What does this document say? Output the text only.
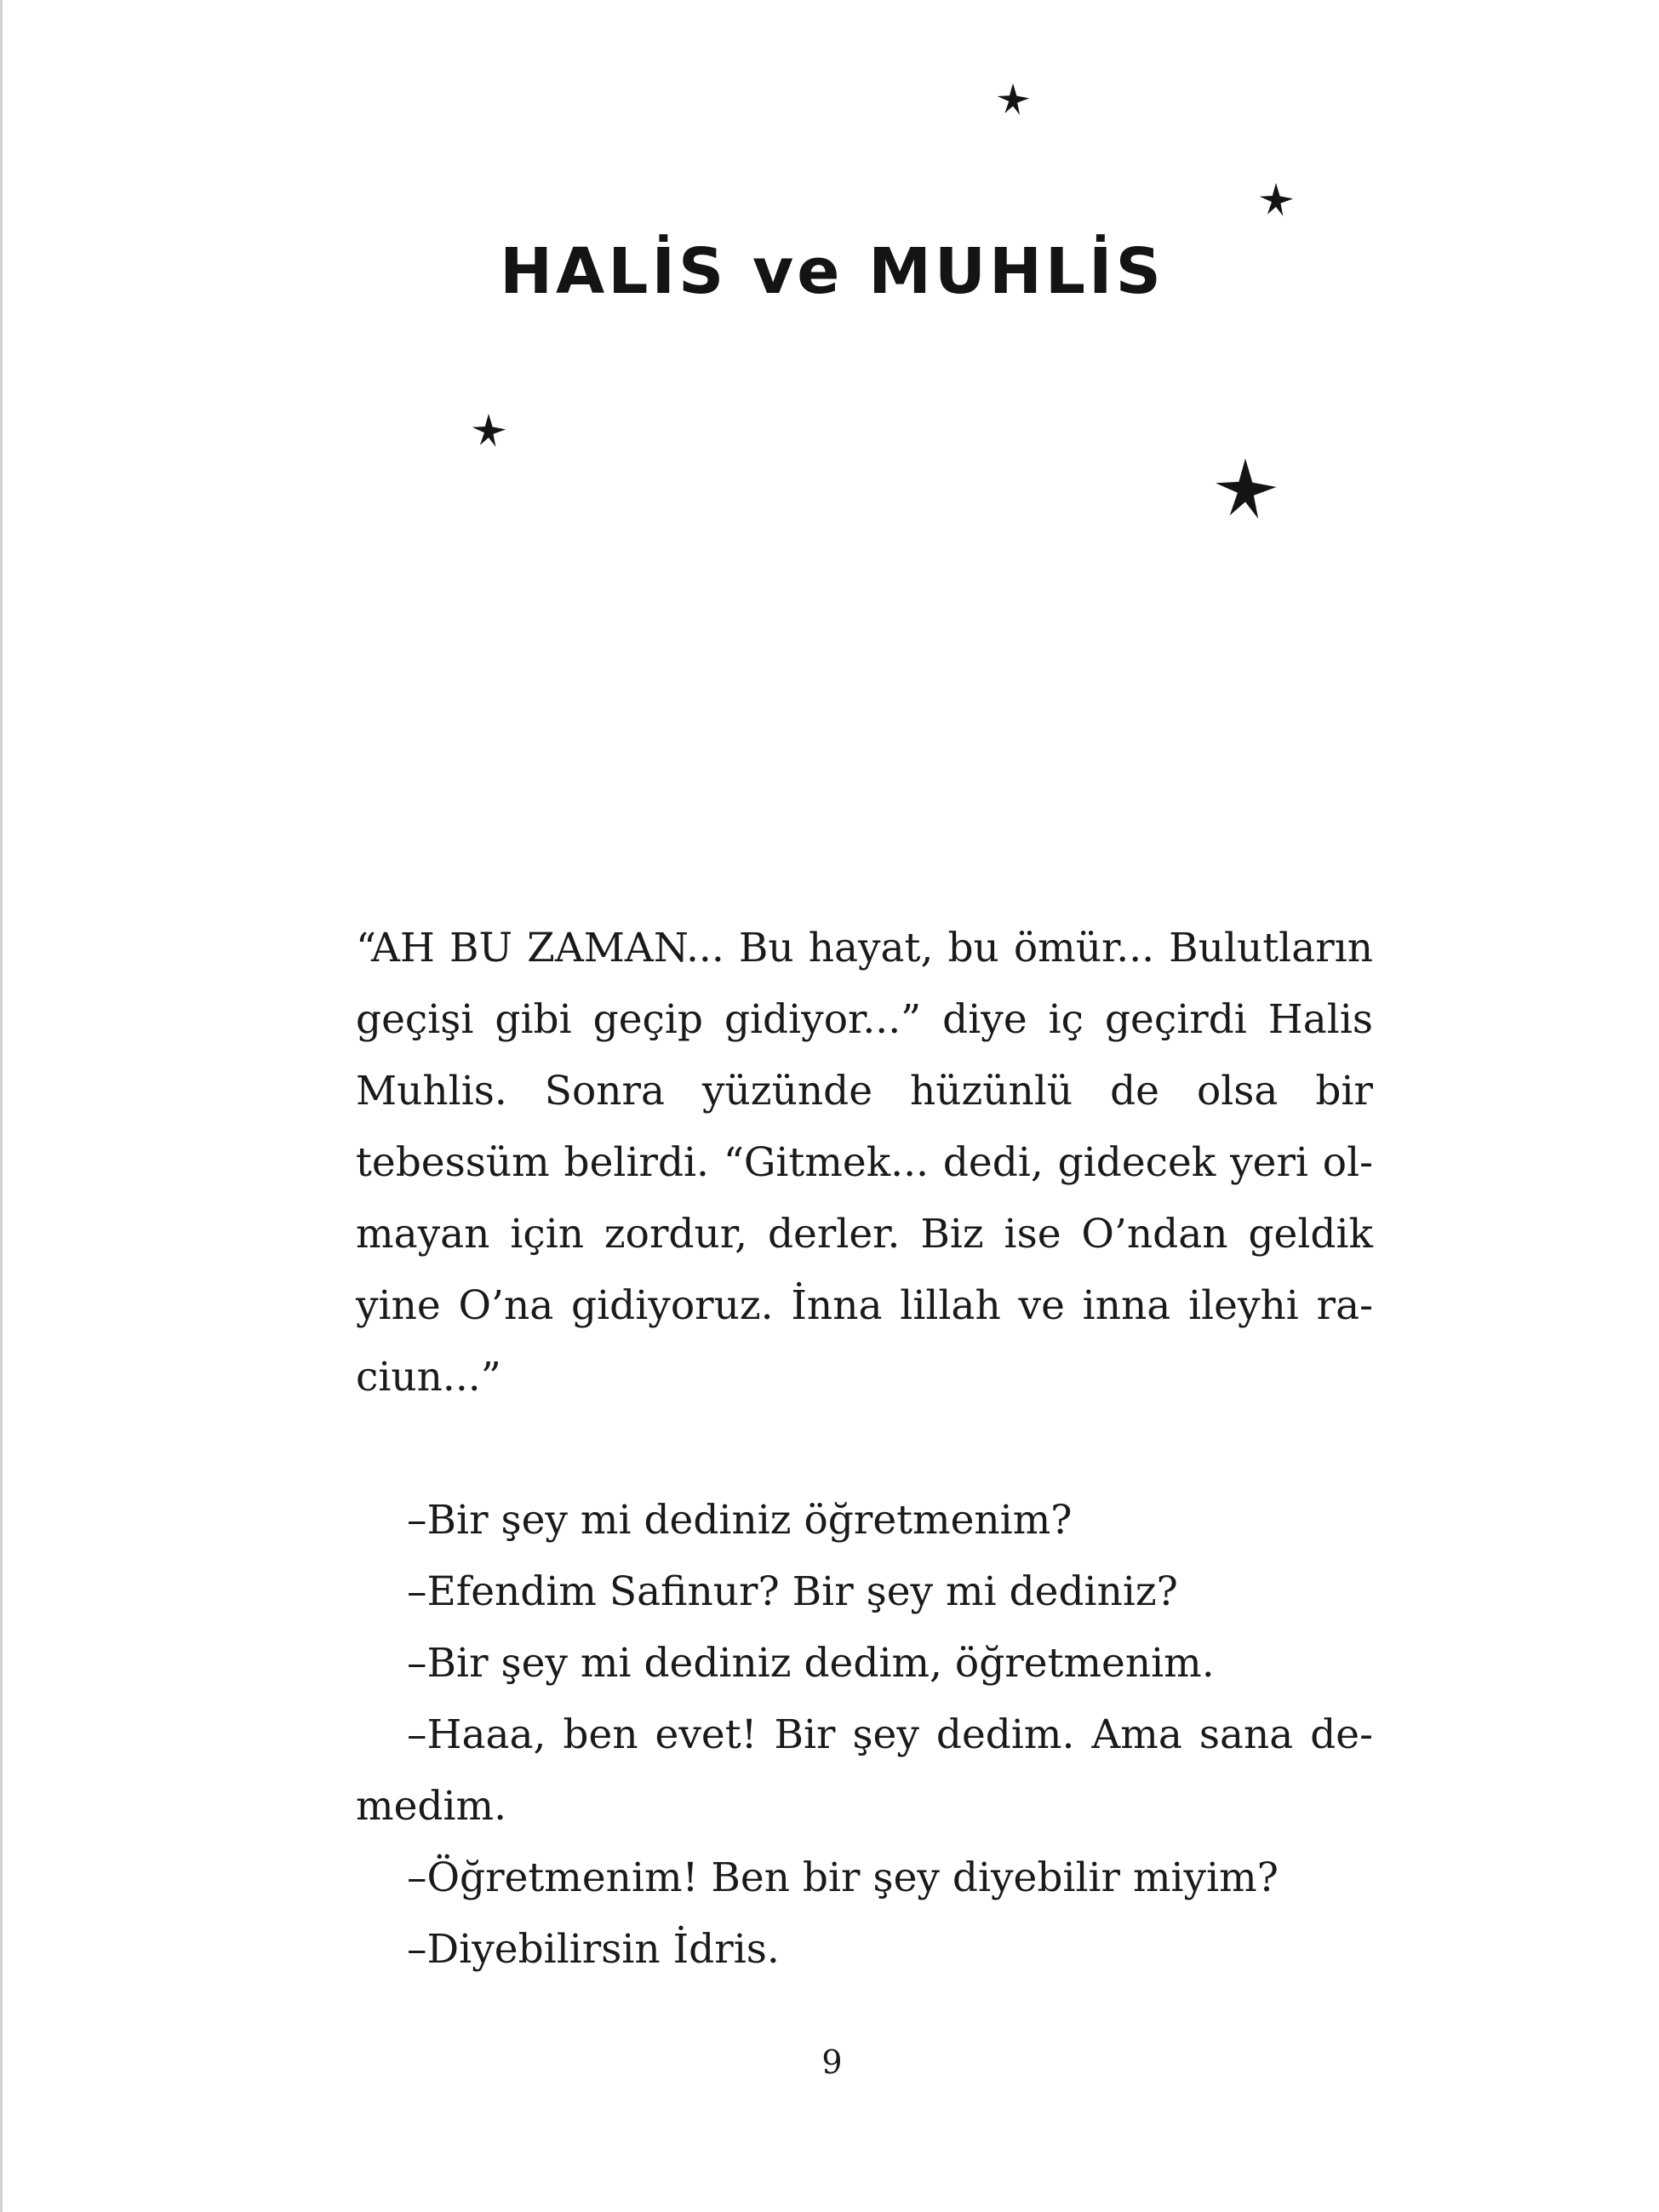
HALİS ve MUHLİS

“AH BU ZAMAN... Bu hayat, bu ömür... Bulutların geçişi gibi geçip gidiyor...” diye iç geçirdi Halis Muhlis. Sonra yüzünde hüzünlü de olsa bir tebessüm belirdi. “Gitmek... dedi, gidecek yeri olmayan için zordur, derler. Biz ise O’ndan geldik yine O’na gidiyoruz. İnna lillah ve inna ileyhi raciun...”

–Bir şey mi dediniz öğretmenim?

–Efendim Safinur? Bir şey mi dediniz?

–Bir şey mi dediniz dedim, öğretmenim.

–Haaa, ben evet! Bir şey dedim. Ama sana demedim.

–Öğretmenim! Ben bir şey diyebilir miyim?

–Diyebilirsin İdris.

9
